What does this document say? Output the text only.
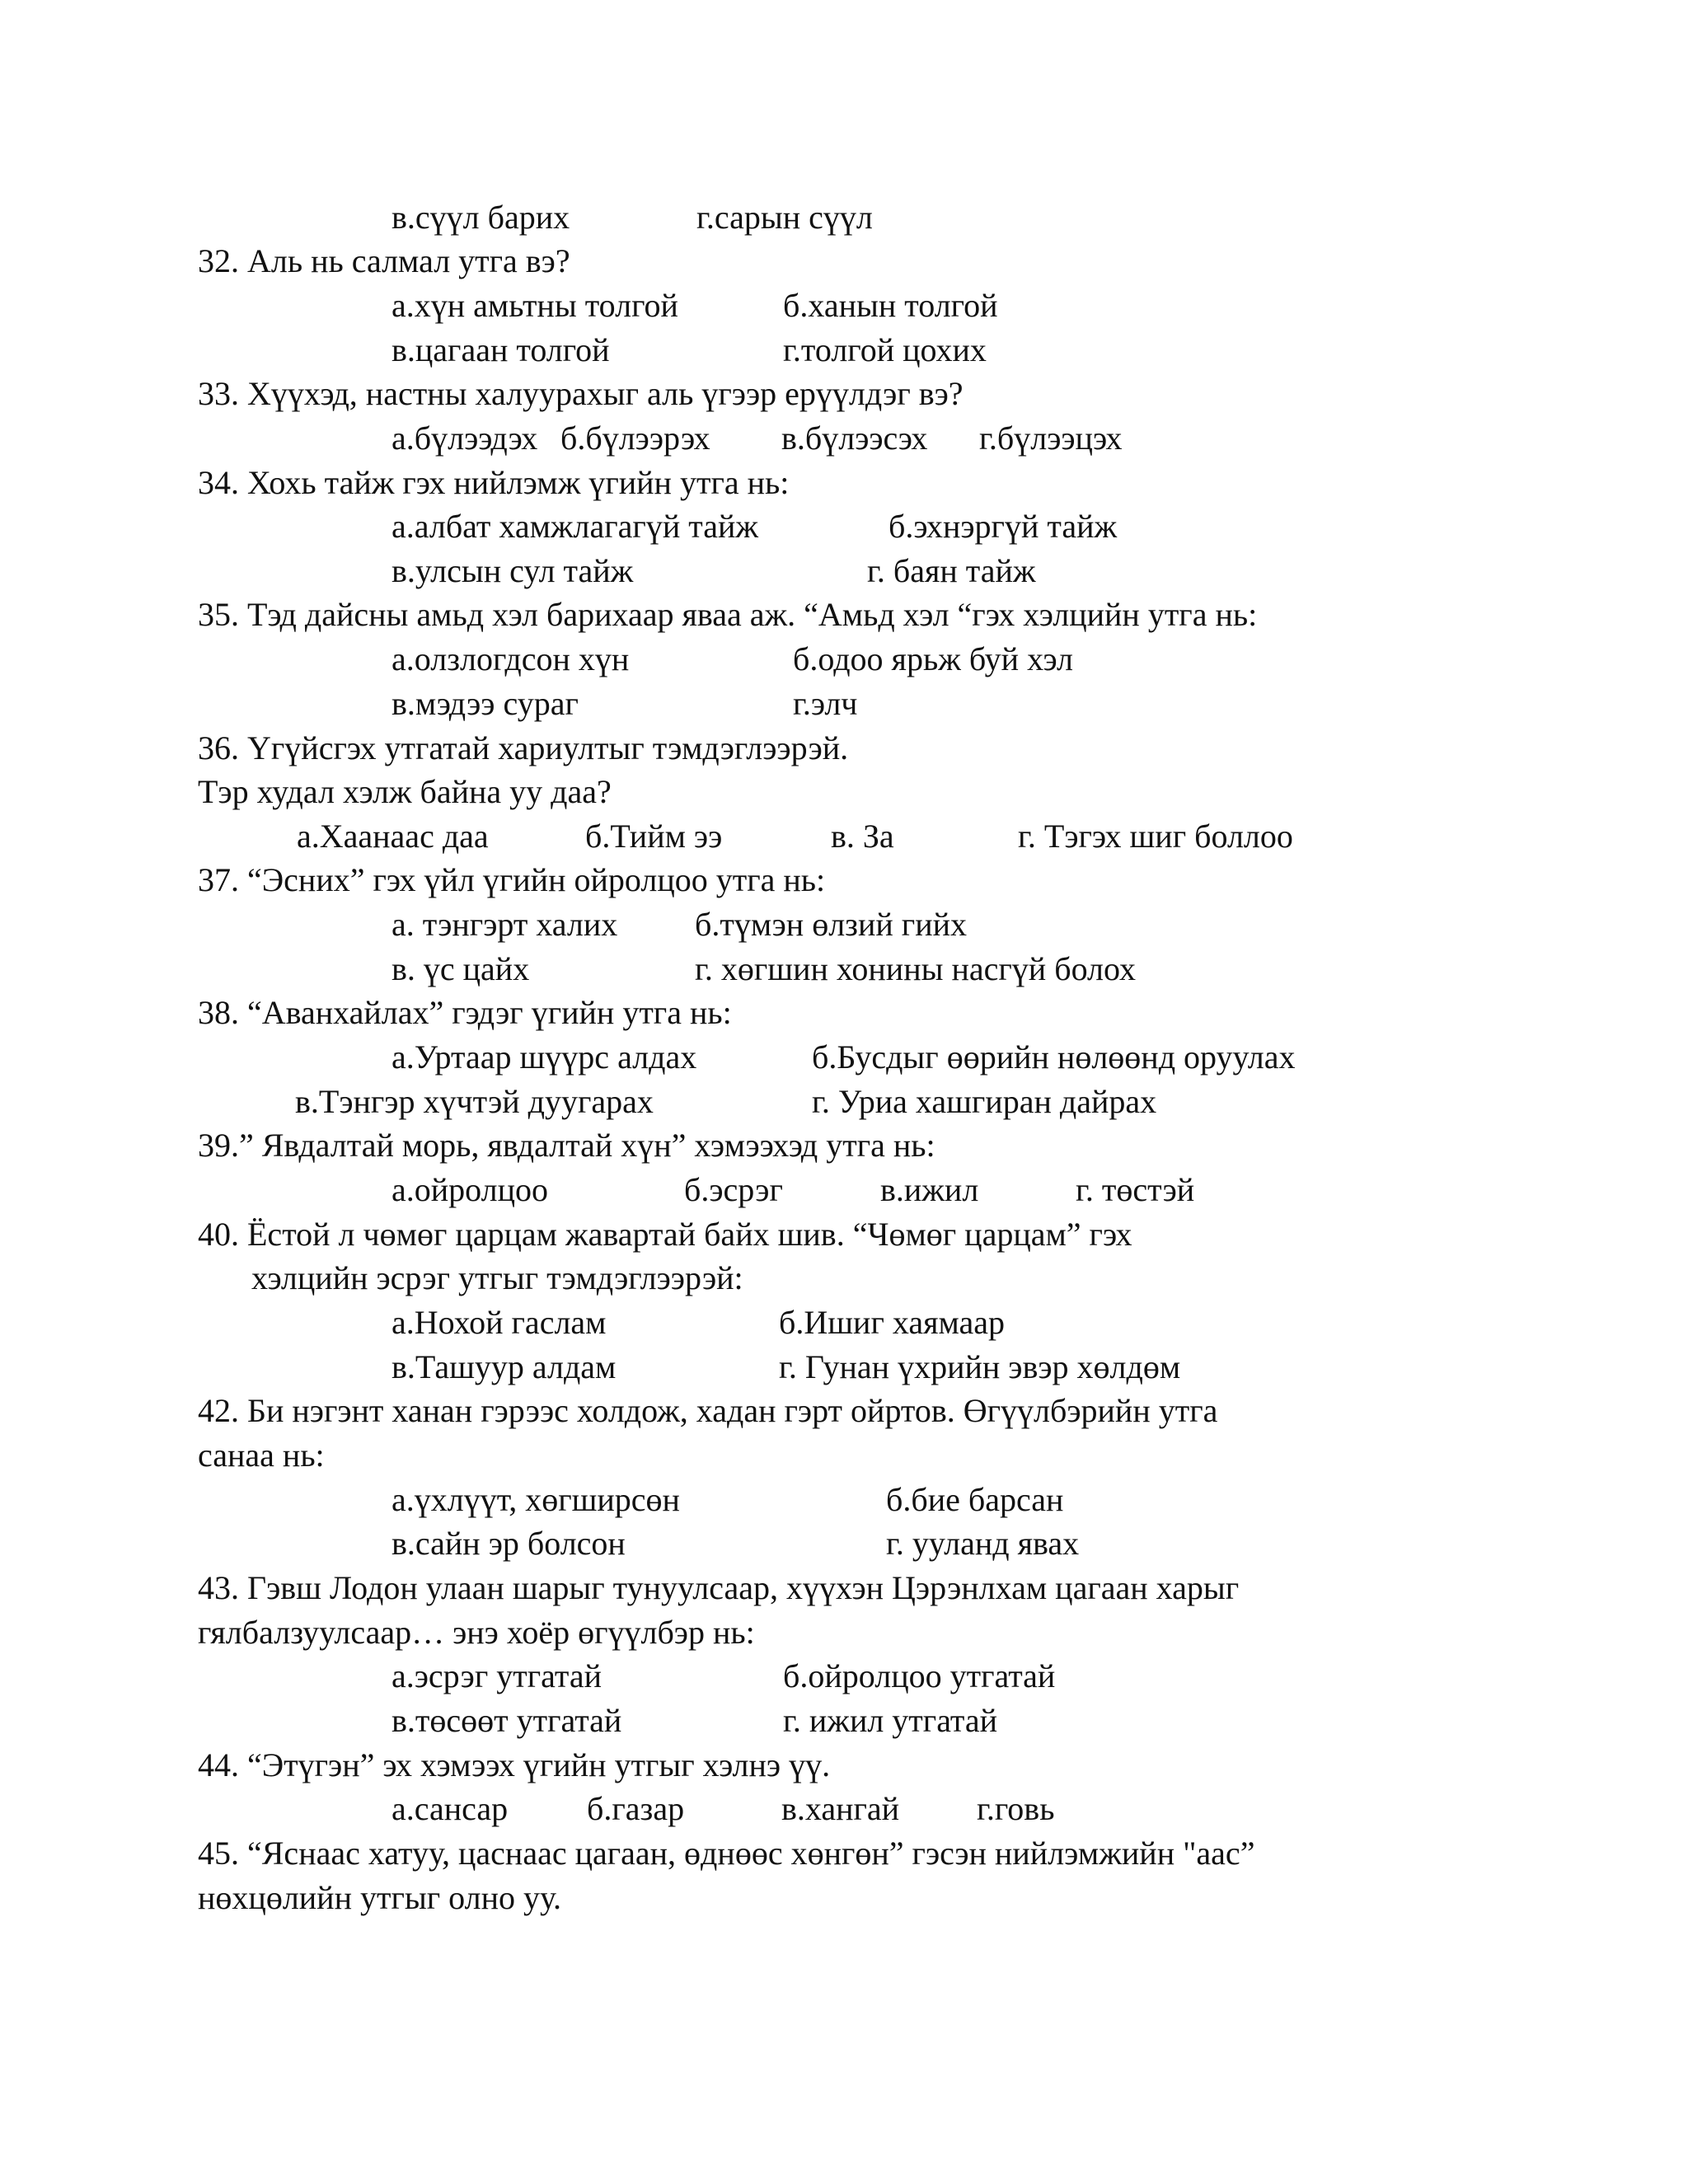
в.сүүл барих	г.сарын сүүл
32. Аль нь салмал утга вэ?
а.хүн амьтны толгой	б.ханын толгой
в.цагаан толгой	г.толгой цохих
33. Хүүхэд, настны халуурахыг аль үгээр ерүүлдэг вэ?
а.бүлээдэх б.бүлээрэх в.бүлээсэх г.бүлээцэх
34. Хохь тайж гэх нийлэмж үгийн утга нь:
а.албат хамжлагагүй тайж	б.эхнэргүй тайж
в.улсын сул тайж	г. баян тайж
35. Тэд дайсны амьд хэл барихаар яваа аж. “Амьд хэл “гэх хэлцийн утга нь:
а.олзлогдсон хүн	б.одоо ярьж буй хэл
в.мэдээ сураг	г.элч
36. Үгүйсгэх утгатай хариултыг тэмдэглээрэй.
Тэр худал хэлж байна уу даа?
а.Хаанаас даа	б.Тийм ээ	в. За	г. Тэгэх шиг боллоо
37. “Эсних” гэх үйл үгийн ойролцоо утга нь:
а. тэнгэрт халих б.түмэн өлзий гийх
в. үс цайх	г. хөгшин хонины насгүй болох
38. “Аванхайлах” гэдэг үгийн утга нь:
а.Уртаар шүүрс алдах	б.Бусдыг өөрийн нөлөөнд оруулах
в.Тэнгэр хүчтэй дуугарах	г. Уриа хашгиран дайрах
39.” Явдалтай морь, явдалтай хүн” хэмээхэд утга нь:
а.ойролцоо	б.эсрэг	в.ижил	г. төстэй
40. Ёстой л чөмөг царцам жавартай байх шив. “Чөмөг царцам” гэх
хэлцийн эсрэг утгыг тэмдэглээрэй:
а.Нохой гаслам	б.Ишиг хаямаар
в.Ташуур алдам	г. Гунан үхрийн эвэр хөлдөм
42. Би нэгэнт ханан гэрээс холдож, хадан гэрт ойртов. Өгүүлбэрийн утга
санаа нь:
а.үхлүүт, хөгширсөн	б.бие барсан
в.сайн эр болсон	г. ууланд явах
43. Гэвш Лодон улаан шарыг тунуулсаар, хүүхэн Цэрэнлхам цагаан харыг
гялбалзуулсаар… энэ хоёр өгүүлбэр нь:
а.эсрэг утгатай	б.ойролцоо утгатай
в.төсөөт утгатай	г. ижил утгатай
44. “Этүгэн” эх хэмээх үгийн утгыг хэлнэ үү.
а.сансар б.газар	в.хангай г.говь
45. “Яснаас хатуу, цаснаас цагаан, өднөөс хөнгөн” гэсэн нийлэмжийн "аас”
нөхцөлийн утгыг олно уу.
